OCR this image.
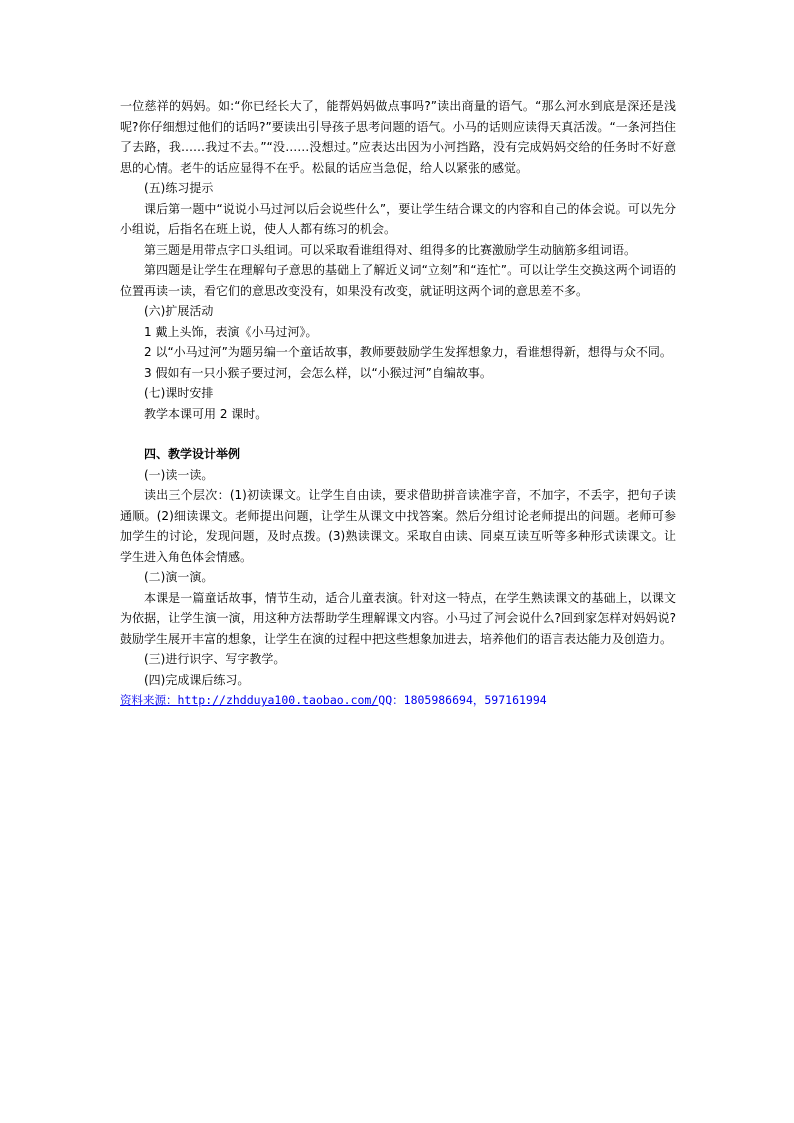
一位慈祥的妈妈。如:“你已经长大了，能帮妈妈做点事吗?”读出商量的语气。“那么河水到底是深还是浅呢?你仔细想过他们的话吗?”要读出引导孩子思考问题的语气。小马的话则应读得天真活泼。“一条河挡住了去路，我……我过不去。”“没……没想过。”应表达出因为小河挡路，没有完成妈妈交给的任务时不好意思的心情。老牛的话应显得不在乎。松鼠的话应当急促，给人以紧张的感觉。

(五)练习提示

课后第一题中“说说小马过河以后会说些什么”，要让学生结合课文的内容和自己的体会说。可以先分小组说，后指名在班上说，使人人都有练习的机会。

第三题是用带点字口头组词。可以采取看谁组得对、组得多的比赛激励学生动脑筋多组词语。

第四题是让学生在理解句子意思的基础上了解近义词“立刻”和“连忙”。可以让学生交换这两个词语的位置再读一读，看它们的意思改变没有，如果没有改变，就证明这两个词的意思差不多。

(六)扩展活动

1 戴上头饰，表演《小马过河》。

2 以“小马过河”为题另编一个童话故事，教师要鼓励学生发挥想象力，看谁想得新，想得与众不同。

3 假如有一只小猴子要过河，会怎么样，以“小猴过河”自编故事。

(七)课时安排

教学本课可用 2 课时。

四、教学设计举例

(一)读一读。

读出三个层次：(1)初读课文。让学生自由读，要求借助拼音读准字音，不加字，不丢字，把句子读通顺。(2)细读课文。老师提出问题，让学生从课文中找答案。然后分组讨论老师提出的问题。老师可参加学生的讨论，发现问题，及时点拨。(3)熟读课文。采取自由读、同桌互读互听等多种形式读课文。让学生进入角色体会情感。

(二)演一演。

本课是一篇童话故事，情节生动，适合儿童表演。针对这一特点，在学生熟读课文的基础上，以课文为依据，让学生演一演，用这种方法帮助学生理解课文内容。小马过了河会说什么?回到家怎样对妈妈说?鼓励学生展开丰富的想象，让学生在演的过程中把这些想象加进去，培养他们的语言表达能力及创造力。

(三)进行识字、写字教学。

(四)完成课后练习。

资料来源：http://zhdduya100.taobao.com/QQ：1805986694，597161994
